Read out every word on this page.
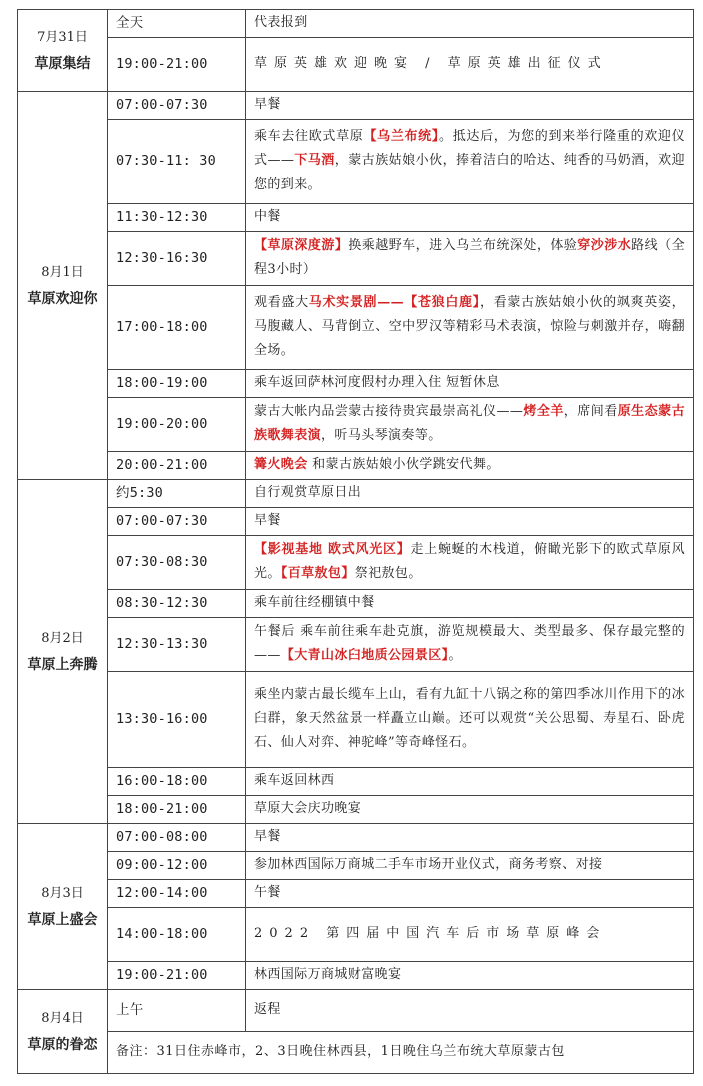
7月31日
草原集结	全天	代表报到
	19:00-21:00	草原英雄欢迎晚宴 / 草原英雄出征仪式

8月1日
草原欢迎你	07:00-07:30	早餐
	07:30-11: 30	乘车去往欧式草原【乌兰布统】。抵达后，为您的到来举行隆重的欢迎仪式——下马酒，蒙古族姑娘小伙，捧着洁白的哈达、纯香的马奶酒，欢迎您的到来。
	11:30-12:30	中餐
	12:30-16:30	【草原深度游】换乘越野车，进入乌兰布统深处，体验穿沙涉水路线（全程3小时）
	17:00-18:00	观看盛大马术实景剧——【苍狼白鹿】，看蒙古族姑娘小伙的飒爽英姿，马腹藏人、马背倒立、空中罗汉等精彩马术表演，惊险与刺激并存，嗨翻全场。
	18:00-19:00	乘车返回萨林河度假村办理入住 短暂休息
	19:00-20:00	蒙古大帐内品尝蒙古接待贵宾最崇高礼仪——烤全羊，席间看原生态蒙古族歌舞表演，听马头琴演奏等。
	20:00-21:00	篝火晚会 和蒙古族姑娘小伙学跳安代舞。

8月2日
草原上奔腾	约5:30	自行观赏草原日出
	07:00-07:30	早餐
	07:30-08:30	【影视基地 欧式风光区】走上蜿蜒的木栈道，俯瞰光影下的欧式草原风光。【百草敖包】祭祀敖包。
	08:30-12:30	乘车前往经棚镇中餐
	12:30-13:30	午餐后 乘车前往乘车赴克旗，游览规模最大、类型最多、保存最完整的——【大青山冰臼地质公园景区】。
	13:30-16:00	乘坐内蒙古最长缆车上山，看有九缸十八锅之称的第四季冰川作用下的冰臼群，象天然盆景一样矗立山巅。还可以观赏“关公思蜀、寿星石、卧虎石、仙人对弈、神驼峰”等奇峰怪石。
	16:00-18:00	乘车返回林西
	18:00-21:00	草原大会庆功晚宴

8月3日
草原上盛会	07:00-08:00	早餐
	09:00-12:00	参加林西国际万商城二手车市场开业仪式，商务考察、对接
	12:00-14:00	午餐
	14:00-18:00	2022 第四届中国汽车后市场草原峰会
	19:00-21:00	林西国际万商城财富晚宴

8月4日
草原的眷恋	上午	返程
	备注：31日住赤峰市，2、3日晚住林西县，1日晚住乌兰布统大草原蒙古包	
